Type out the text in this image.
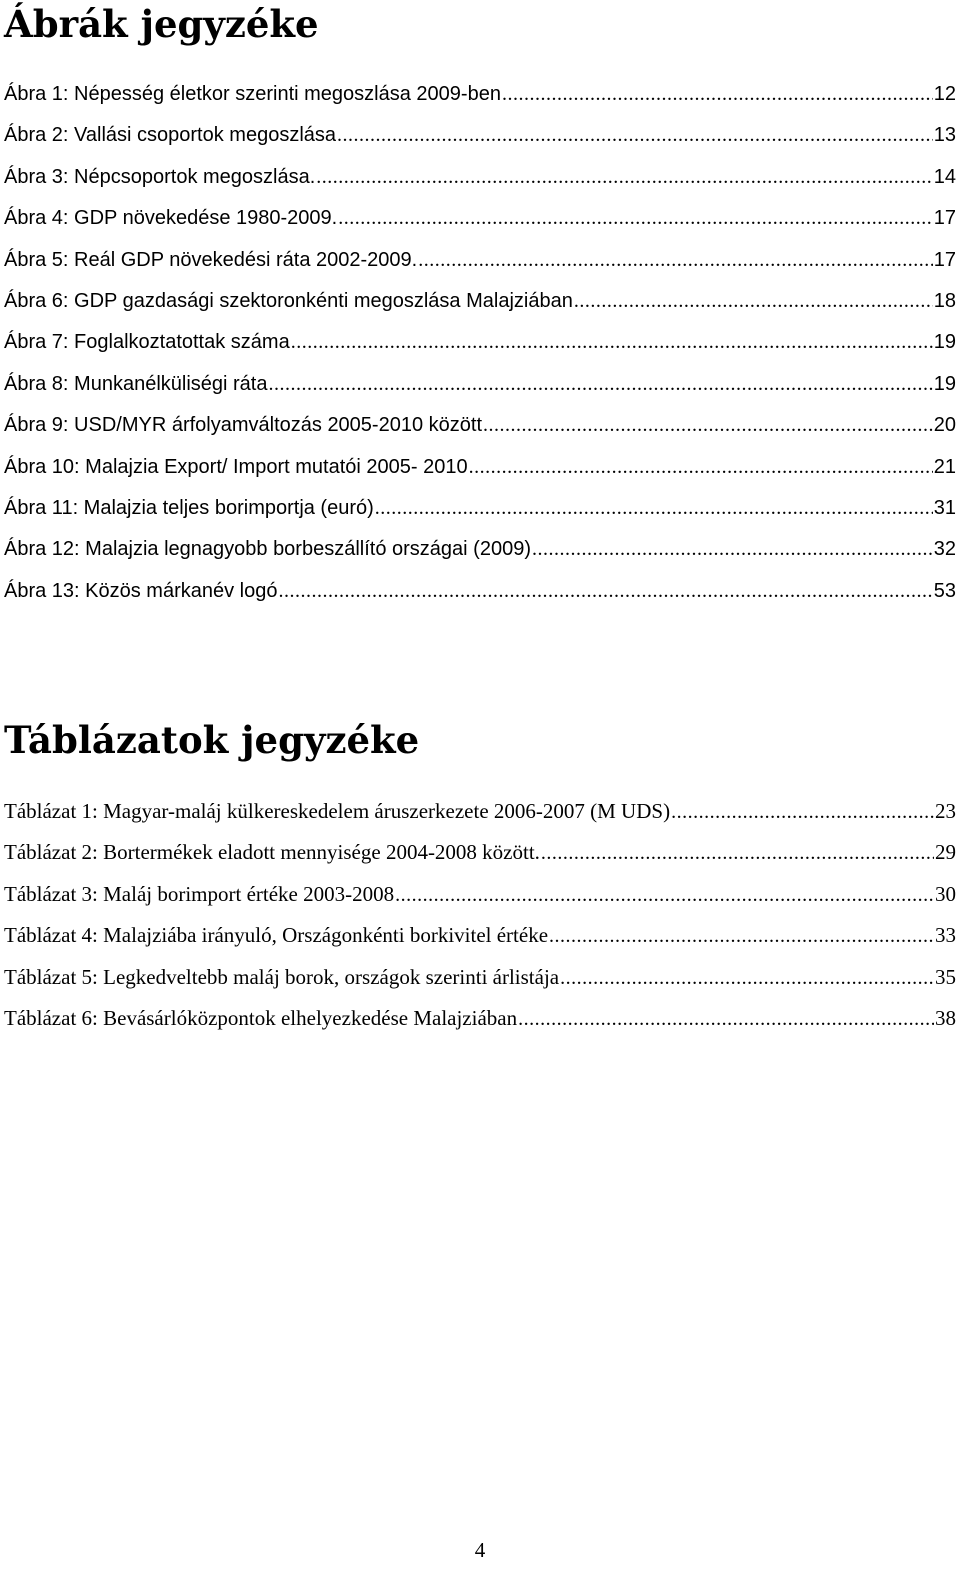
Ábrák jegyzéke
Ábra 1: Népesség életkor szerinti megoszlása 2009-ben .....	12
Ábra 2: Vallási csoportok megoszlása .....	13
Ábra 3: Népcsoportok megoszlása. .....	14
Ábra 4: GDP növekedése 1980-2009. .....	17
Ábra 5: Reál GDP növekedési ráta 2002-2009. .....	17
Ábra 6: GDP gazdasági szektoronkénti megoszlása Malajziában .....	18
Ábra 7: Foglalkoztatottak száma .....	19
Ábra 8: Munkanélküliségi ráta .....	19
Ábra 9: USD/MYR árfolyamváltozás 2005-2010 között .....	20
Ábra 10: Malajzia Export/ Import mutatói 2005- 2010 .....	21
Ábra 11: Malajzia teljes borimportja (euró) .....	31
Ábra 12: Malajzia legnagyobb borbeszállító országai (2009) .....	32
Ábra 13: Közös márkanév logó .....	53
Táblázatok jegyzéke
Táblázat 1: Magyar-maláj külkereskedelem áruszerkezete 2006-2007 (M UDS) .....	23
Táblázat 2: Bortermékek eladott mennyisége 2004-2008 között. .....	29
Táblázat 3: Maláj borimport értéke 2003-2008 .....	30
Táblázat 4: Malajziába irányuló, Országonkénti borkivitel értéke .....	33
Táblázat 5: Legkedveltebb maláj borok, országok szerinti árlistája .....	35
Táblázat 6: Bevásárlóközpontok elhelyezkedése Malajziában .....	38

4
